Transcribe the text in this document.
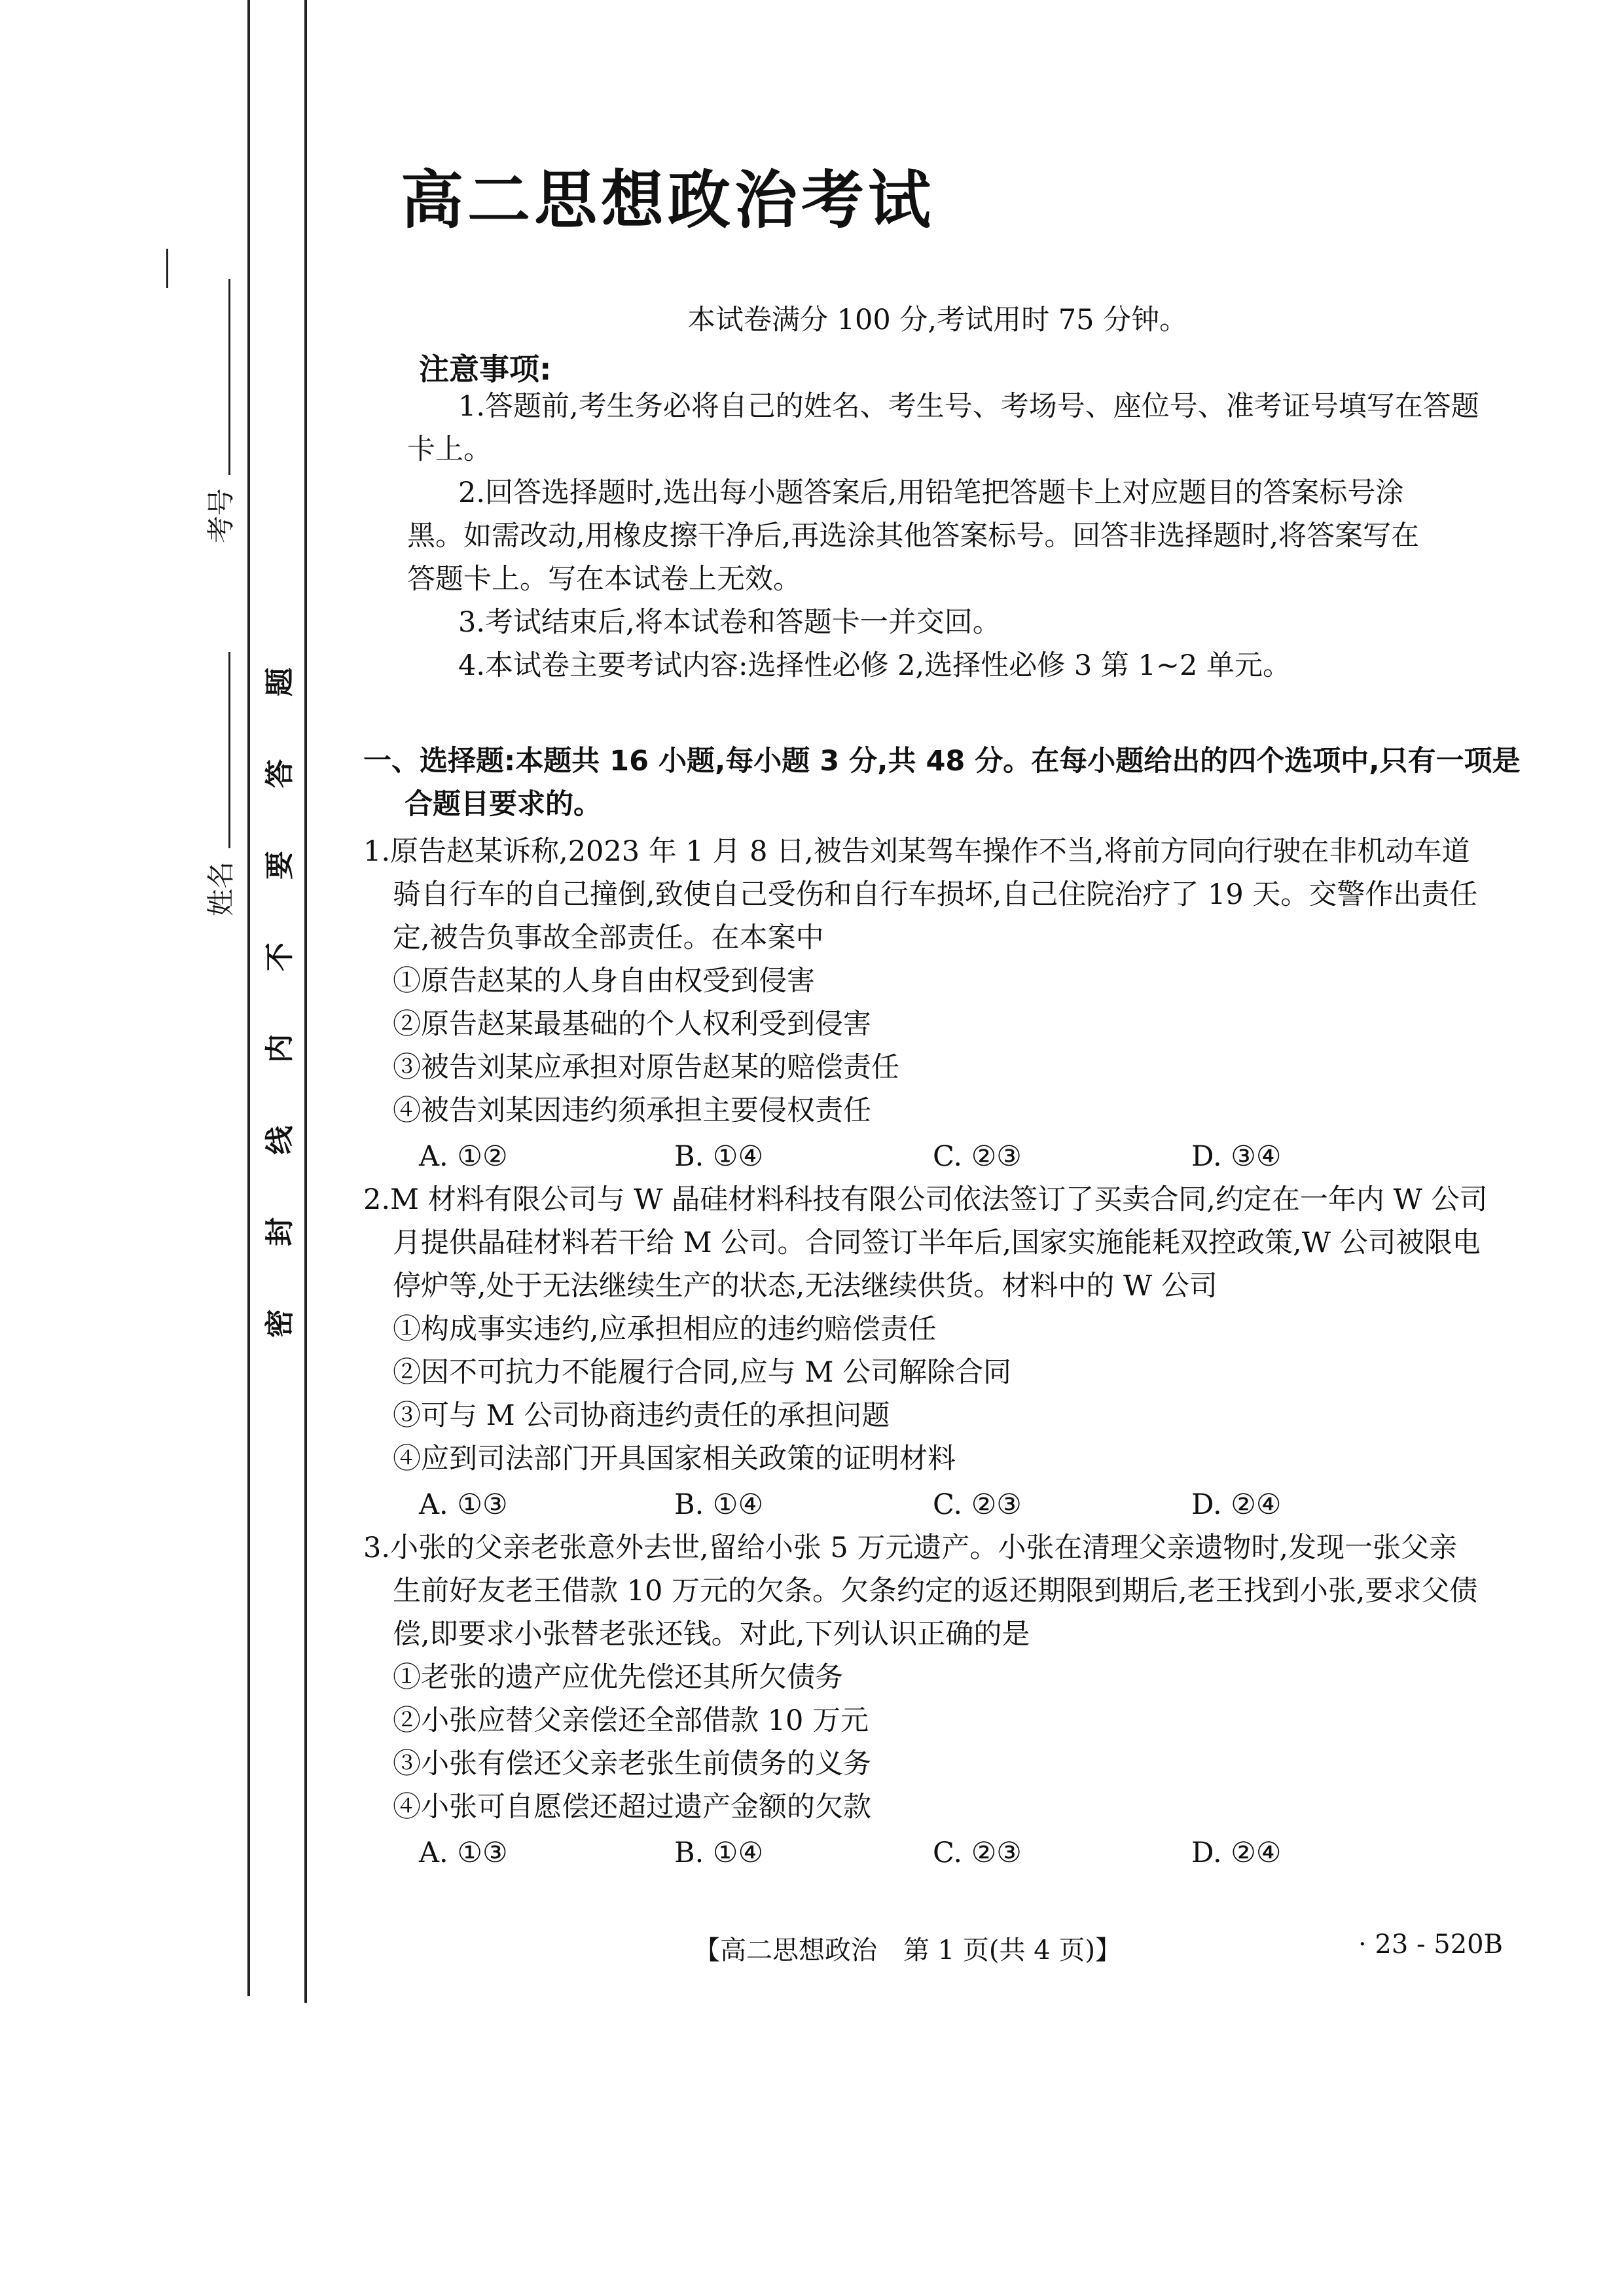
考号
姓名
题
答
要
不
内
线
封
密
高二思想政治考试
本试卷满分 100 分,考试用时 75 分钟。
注意事项:
1.答题前,考生务必将自己的姓名、考生号、考场号、座位号、准考证号填写在答题
卡上。
2.回答选择题时,选出每小题答案后,用铅笔把答题卡上对应题目的答案标号涂
黑。如需改动,用橡皮擦干净后,再选涂其他答案标号。回答非选择题时,将答案写在
答题卡上。写在本试卷上无效。
3.考试结束后,将本试卷和答题卡一并交回。
4.本试卷主要考试内容:选择性必修 2,选择性必修 3 第 1~2 单元。
一、选择题:本题共 16 小题,每小题 3 分,共 48 分。在每小题给出的四个选项中,只有一项是
合题目要求的。
1.原告赵某诉称,2023 年 1 月 8 日,被告刘某驾车操作不当,将前方同向行驶在非机动车道
骑自行车的自己撞倒,致使自己受伤和自行车损坏,自己住院治疗了 19 天。交警作出责任
定,被告负事故全部责任。在本案中
①原告赵某的人身自由权受到侵害
②原告赵某最基础的个人权利受到侵害
③被告刘某应承担对原告赵某的赔偿责任
④被告刘某因违约须承担主要侵权责任
A. ①②	B. ①④	C. ②③	D. ③④
2.M 材料有限公司与 W 晶硅材料科技有限公司依法签订了买卖合同,约定在一年内 W 公司
月提供晶硅材料若干给 M 公司。合同签订半年后,国家实施能耗双控政策,W 公司被限电
停炉等,处于无法继续生产的状态,无法继续供货。材料中的 W 公司
①构成事实违约,应承担相应的违约赔偿责任
②因不可抗力不能履行合同,应与 M 公司解除合同
③可与 M 公司协商违约责任的承担问题
④应到司法部门开具国家相关政策的证明材料
A. ①③	B. ①④	C. ②③	D. ②④
3.小张的父亲老张意外去世,留给小张 5 万元遗产。小张在清理父亲遗物时,发现一张父亲
生前好友老王借款 10 万元的欠条。欠条约定的返还期限到期后,老王找到小张,要求父债
偿,即要求小张替老张还钱。对此,下列认识正确的是
①老张的遗产应优先偿还其所欠债务
②小张应替父亲偿还全部借款 10 万元
③小张有偿还父亲老张生前债务的义务
④小张可自愿偿还超过遗产金额的欠款
A. ①③	B. ①④	C. ②③	D. ②④
【高二思想政治　第 1 页(共 4 页)】	· 23 - 520B
